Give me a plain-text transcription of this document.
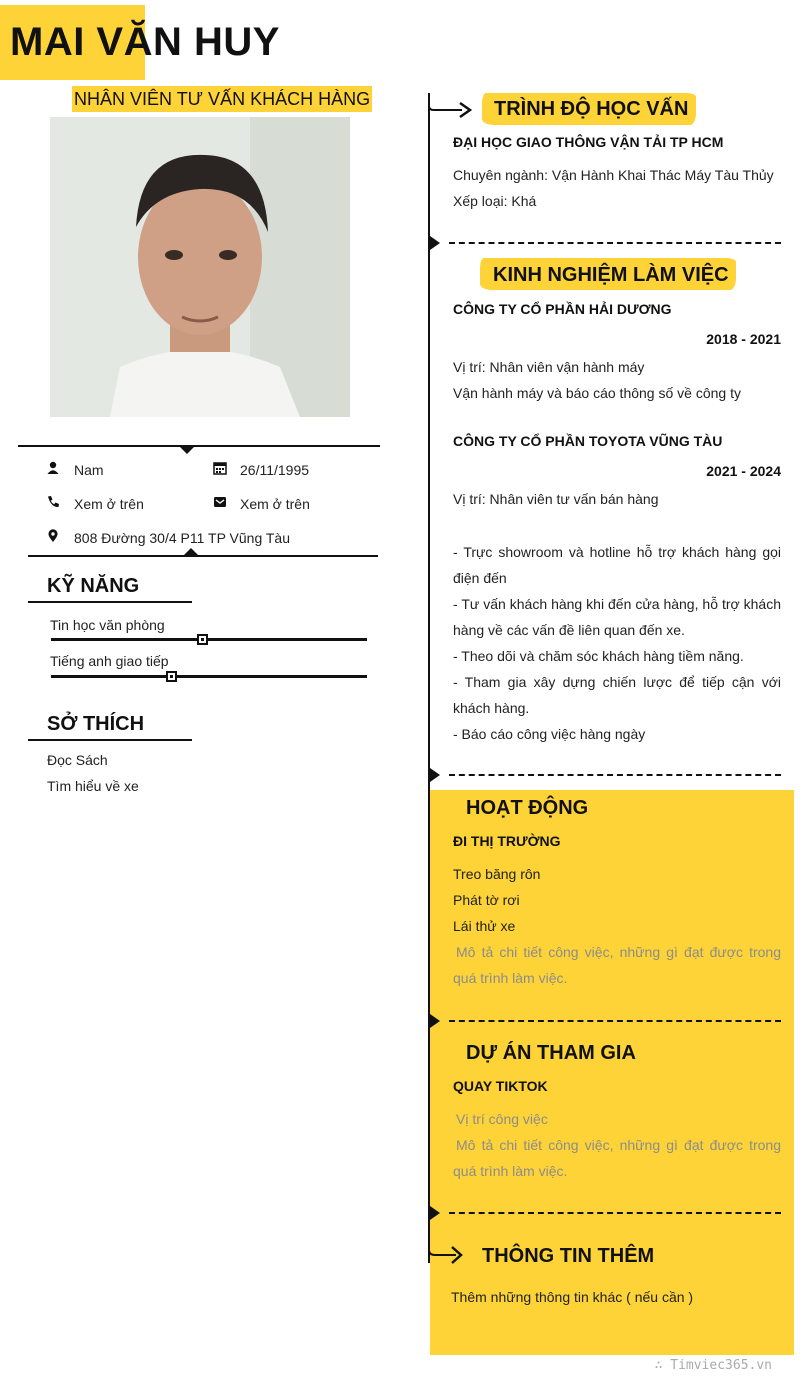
MAI VĂN HUY
NHÂN VIÊN TƯ VẤN KHÁCH HÀNG
Nam	26/11/1995
Xem ở trên	Xem ở trên
808 Đường 30/4 P11 TP Vũng Tàu
KỸ NĂNG
Tin học văn phòng
Tiếng anh giao tiếp
SỞ THÍCH
Đọc Sách
Tìm hiểu về xe
TRÌNH ĐỘ HỌC VẤN
ĐẠI HỌC GIAO THÔNG VẬN TẢI TP HCM
Chuyên ngành: Vận Hành Khai Thác Máy Tàu Thủy
Xếp loại: Khá
KINH NGHIỆM LÀM VIỆC
CÔNG TY CỔ PHẦN HẢI DƯƠNG
2018 - 2021
Vị trí: Nhân viên vận hành máy
Vận hành máy và báo cáo thông số về công ty
CÔNG TY CỔ PHẦN TOYOTA VŨNG TÀU
2021 - 2024
Vị trí: Nhân viên tư vấn bán hàng
- Trực showroom và hotline hỗ trợ khách hàng gọi điện đến
- Tư vấn khách hàng khi đến cửa hàng, hỗ trợ khách hàng về các vấn đề liên quan đến xe.
- Theo dõi và chăm sóc khách hàng tiềm năng.
- Tham gia xây dựng chiến lược để tiếp cận với khách hàng.
- Báo cáo công việc hàng ngày
HOẠT ĐỘNG
ĐI THỊ TRƯỜNG
Treo băng rôn
Phát tờ rơi
Lái thử xe
Mô tả chi tiết công việc, những gì đạt được trong quá trình làm việc.
DỰ ÁN THAM GIA
QUAY TIKTOK
Vị trí công việc
Mô tả chi tiết công việc, những gì đạt được trong quá trình làm việc.
THÔNG TIN THÊM
Thêm những thông tin khác ( nếu cần )
∴ Timviec365.vn
